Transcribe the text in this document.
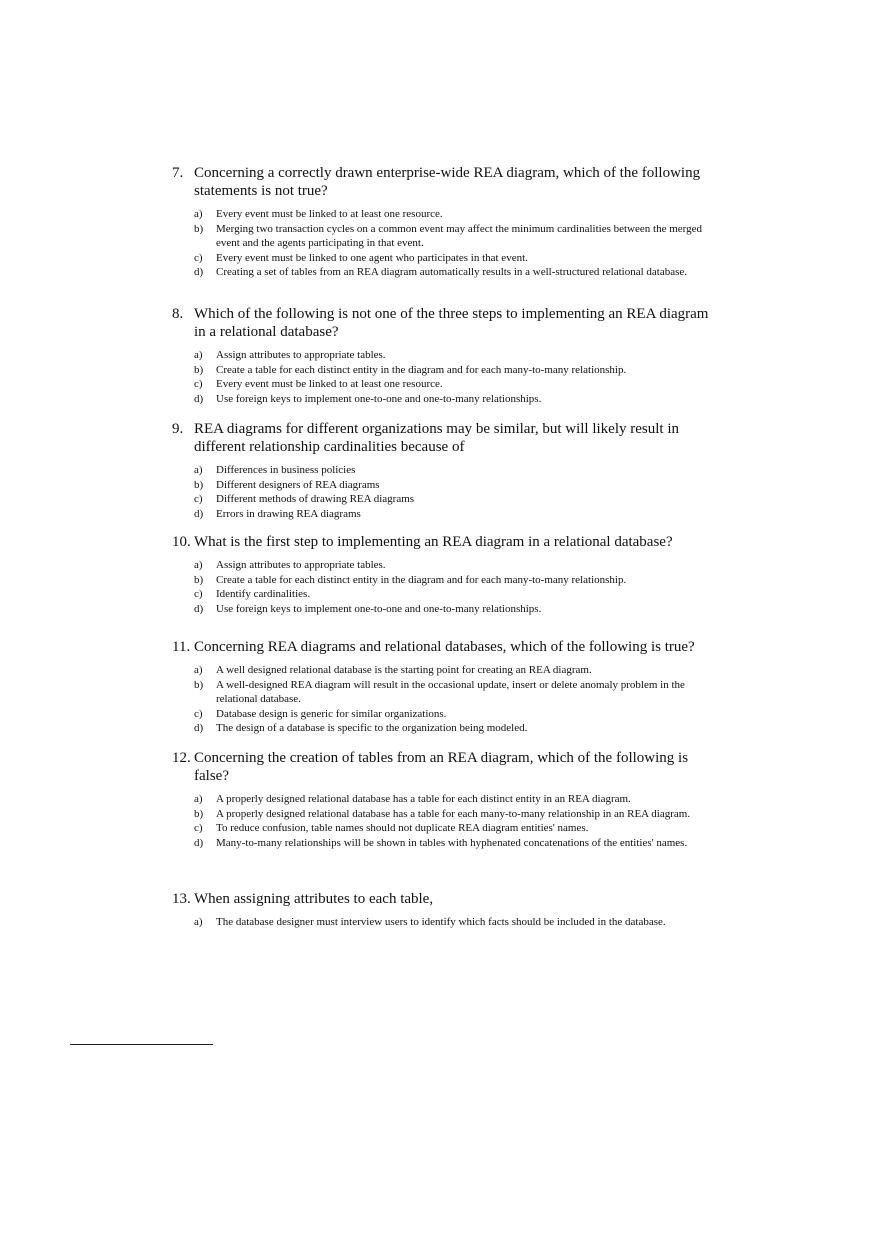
7. Concerning a correctly drawn enterprise-wide REA diagram, which of the following statements is not true?
a)	Every event must be linked to at least one resource.
b)	Merging two transaction cycles on a common event may affect the minimum cardinalities between the merged event and the agents participating in that event.
c)	Every event must be linked to one agent who participates in that event.
d)	Creating a set of tables from an REA diagram automatically results in a well-structured relational database.
8. Which of the following is not one of the three steps to implementing an REA diagram in a relational database?
a)	Assign attributes to appropriate tables.
b)	Create a table for each distinct entity in the diagram and for each many-to-many relationship.
c)	Every event must be linked to at least one resource.
d)	Use foreign keys to implement one-to-one and one-to-many relationships.
9. REA diagrams for different organizations may be similar, but will likely result in different relationship cardinalities because of
a)	Differences in business policies
b)	Different designers of REA diagrams
c)	Different methods of drawing REA diagrams
d)	Errors in drawing REA diagrams
10. What is the first step to implementing an REA diagram in a relational database?
a)	Assign attributes to appropriate tables.
b)	Create a table for each distinct entity in the diagram and for each many-to-many relationship.
c)	Identify cardinalities.
d)	Use foreign keys to implement one-to-one and one-to-many relationships.
11. Concerning REA diagrams and relational databases, which of the following is true?
a)	A well designed relational database is the starting point for creating an REA diagram.
b)	A well-designed REA diagram will result in the occasional update, insert or delete anomaly problem in the relational database.
c)	Database design is generic for similar organizations.
d)	The design of a database is specific to the organization being modeled.
12. Concerning the creation of tables from an REA diagram, which of the following is false?
a)	A properly designed relational database has a table for each distinct entity in an REA diagram.
b)	A properly designed relational database has a table for each many-to-many relationship in an REA diagram.
c)	To reduce confusion, table names should not duplicate REA diagram entities' names.
d)	Many-to-many relationships will be shown in tables with hyphenated concatenations of the entities' names.
13. When assigning attributes to each table,
a)	The database designer must interview users to identify which facts should be included in the database.
